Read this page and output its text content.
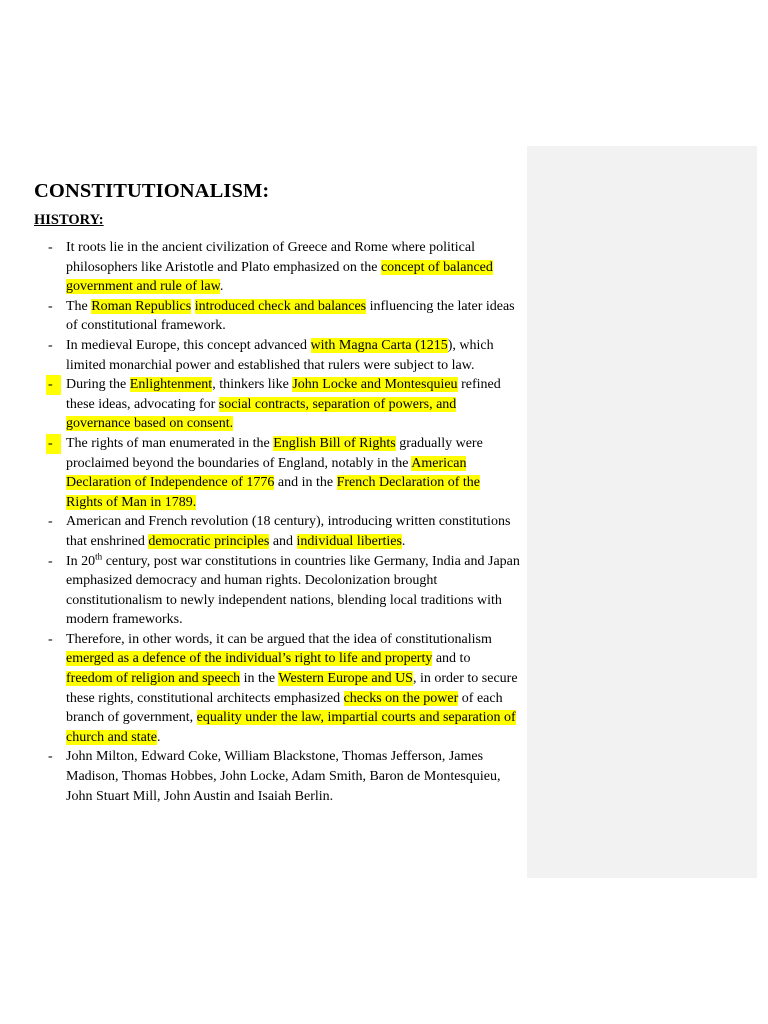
CONSTITUTIONALISM:
HISTORY:
- It roots lie in the ancient civilization of Greece and Rome where political philosophers like Aristotle and Plato emphasized on the concept of balanced government and rule of law.
- The Roman Republics introduced check and balances influencing the later ideas of constitutional framework.
- In medieval Europe, this concept advanced with Magna Carta (1215), which limited monarchial power and established that rulers were subject to law.
- During the Enlightenment, thinkers like John Locke and Montesquieu refined these ideas, advocating for social contracts, separation of powers, and governance based on consent.
- The rights of man enumerated in the English Bill of Rights gradually were proclaimed beyond the boundaries of England, notably in the American Declaration of Independence of 1776 and in the French Declaration of the Rights of Man in 1789.
- American and French revolution (18 century), introducing written constitutions that enshrined democratic principles and individual liberties.
- In 20th century, post war constitutions in countries like Germany, India and Japan emphasized democracy and human rights. Decolonization brought constitutionalism to newly independent nations, blending local traditions with modern frameworks.
- Therefore, in other words, it can be argued that the idea of constitutionalism emerged as a defence of the individual’s right to life and property and to freedom of religion and speech in the Western Europe and US, in order to secure these rights, constitutional architects emphasized checks on the power of each branch of government, equality under the law, impartial courts and separation of church and state.
- John Milton, Edward Coke, William Blackstone, Thomas Jefferson, James Madison, Thomas Hobbes, John Locke, Adam Smith, Baron de Montesquieu, John Stuart Mill, John Austin and Isaiah Berlin.
